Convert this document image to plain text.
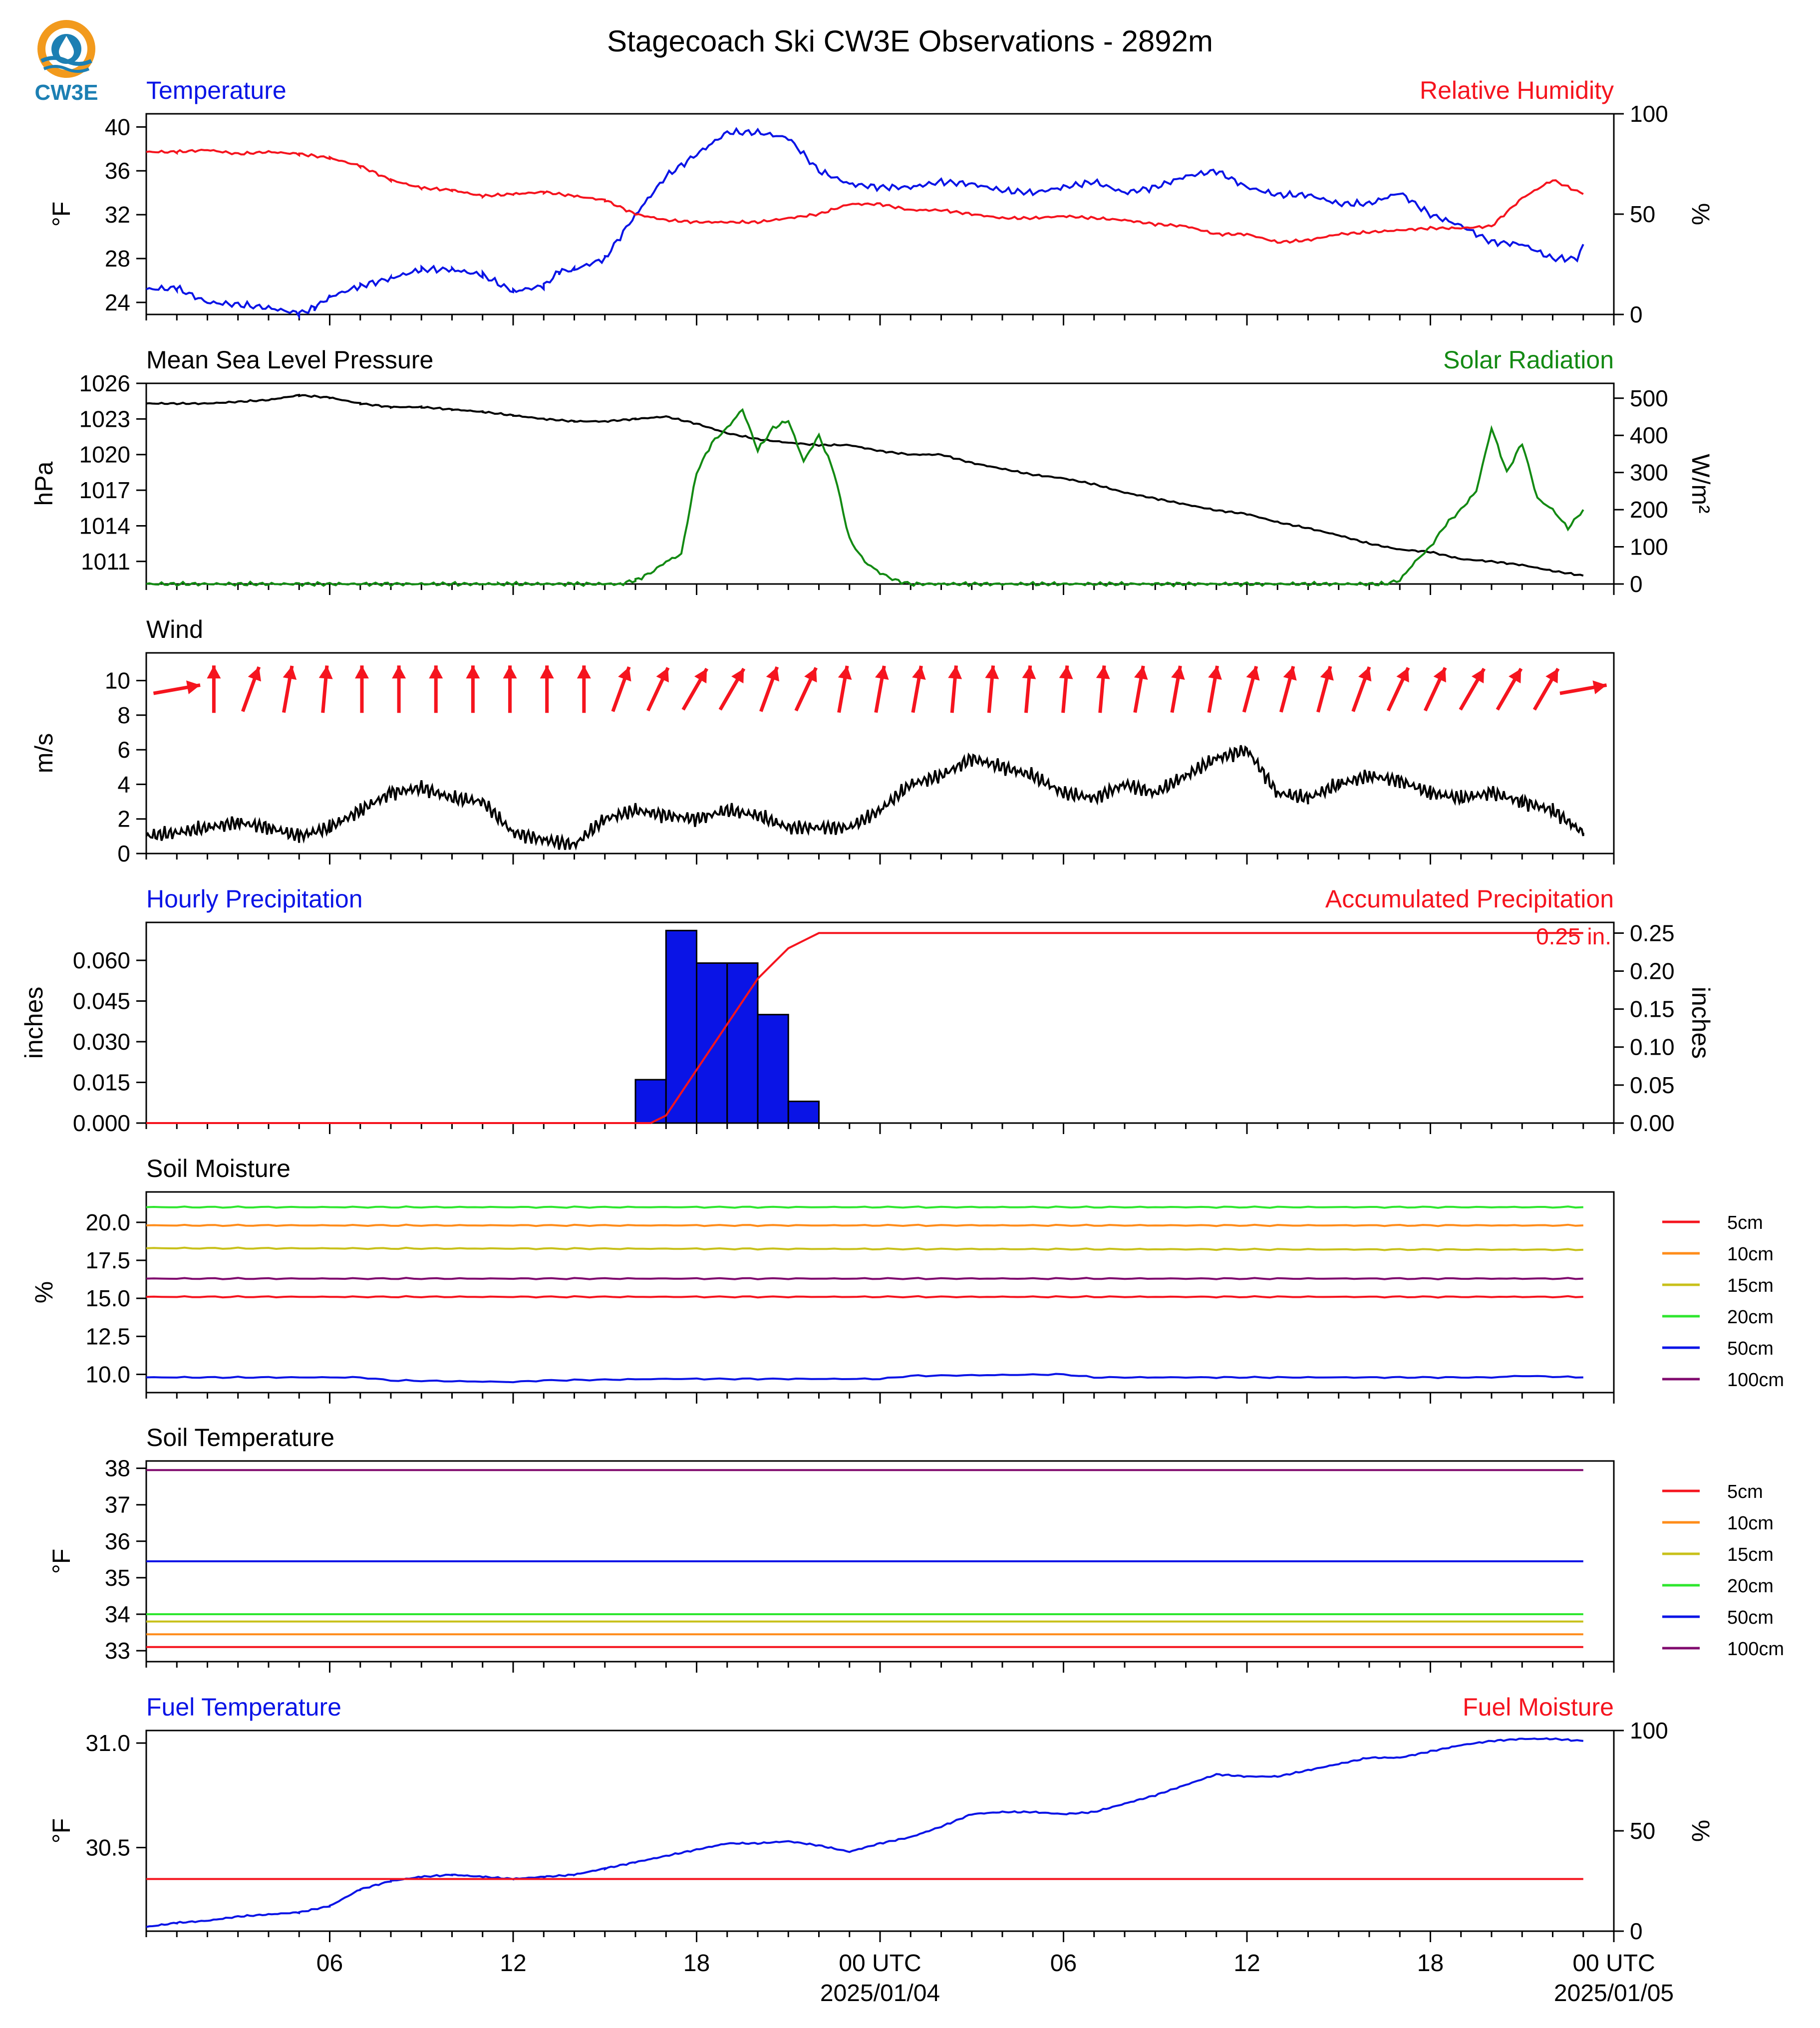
CW3E
Stagecoach Ski CW3E Observations - 2892m
Temperature	Relative Humidity
24
28
32
36
40
0
50
100
°F	%
Mean Sea Level Pressure	Solar Radiation
1011
1014
1017
1020
1023
1026
0
100
200
300
400
500
hPa	W/m²
Wind
0
2
4
6
8
10
m/s
Hourly Precipitation	Accumulated Precipitation
0.000
0.015
0.030
0.045
0.060
0.00
0.05
0.10
0.15
0.20
0.25
inches	inches
0.25 in.
Soil Moisture
10.0
12.5
15.0
17.5
20.0
%
5cm
10cm
15cm
20cm
50cm
100cm
Soil Temperature
33
34
35
36
37
38
°F
5cm
10cm
15cm
20cm
50cm
100cm
Fuel Temperature	Fuel Moisture
30.5
31.0
0
50
100
°F	%
06	12	18	00 UTC	06	12	18	00 UTC
2025/01/04	2025/01/05
